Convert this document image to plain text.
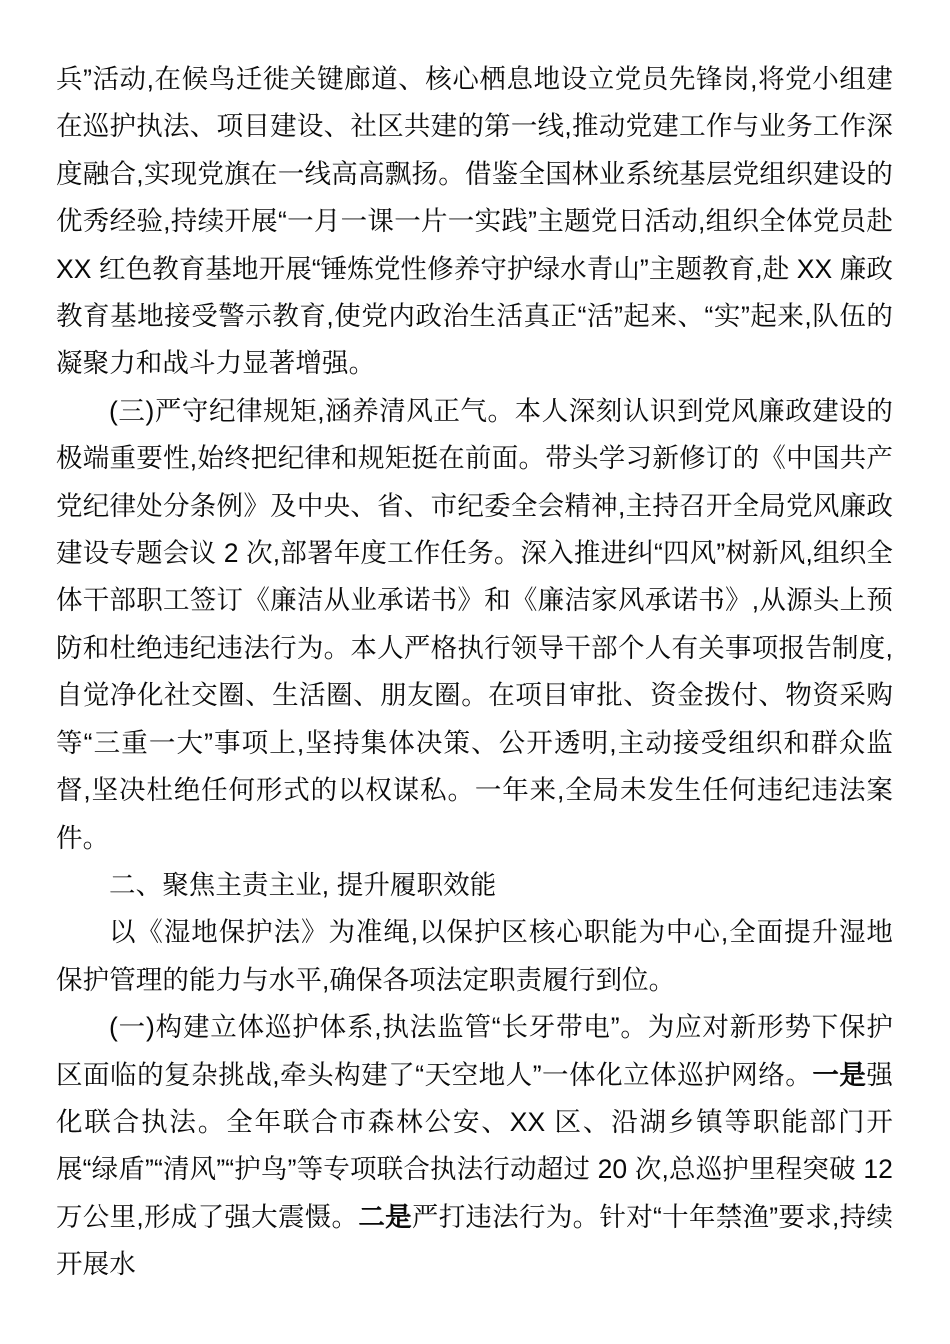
兵”活动,在候鸟迁徙关键廊道、核心栖息地设立党员先锋岗,将党小组建在巡护执法、项目建设、社区共建的第一线,推动党建工作与业务工作深度融合,实现党旗在一线高高飘扬。借鉴全国林业系统基层党组织建设的优秀经验,持续开展“一月一课一片一实践”主题党日活动,组织全体党员赴 XX 红色教育基地开展“锤炼党性修养守护绿水青山”主题教育,赴 XX 廉政教育基地接受警示教育,使党内政治生活真正“活”起来、“实”起来,队伍的凝聚力和战斗力显著增强。

(三)严守纪律规矩,涵养清风正气。本人深刻认识到党风廉政建设的极端重要性,始终把纪律和规矩挺在前面。带头学习新修订的《中国共产党纪律处分条例》及中央、省、市纪委全会精神,主持召开全局党风廉政建设专题会议 2 次,部署年度工作任务。深入推进纠“四风”树新风,组织全体干部职工签订《廉洁从业承诺书》和《廉洁家风承诺书》,从源头上预防和杜绝违纪违法行为。本人严格执行领导干部个人有关事项报告制度,自觉净化社交圈、生活圈、朋友圈。在项目审批、资金拨付、物资采购等“三重一大”事项上,坚持集体决策、公开透明,主动接受组织和群众监督,坚决杜绝任何形式的以权谋私。一年来,全局未发生任何违纪违法案件。

二、聚焦主责主业, 提升履职效能

以《湿地保护法》为准绳,以保护区核心职能为中心,全面提升湿地保护管理的能力与水平,确保各项法定职责履行到位。

(一)构建立体巡护体系,执法监管“长牙带电”。为应对新形势下保护区面临的复杂挑战,牵头构建了“天空地人”一体化立体巡护网络。一是强化联合执法。全年联合市森林公安、XX 区、沿湖乡镇等职能部门开展“绿盾”“清风”“护鸟”等专项联合执法行动超过 20 次,总巡护里程突破 12 万公里,形成了强大震慑。二是严打违法行为。针对“十年禁渔”要求,持续开展水
